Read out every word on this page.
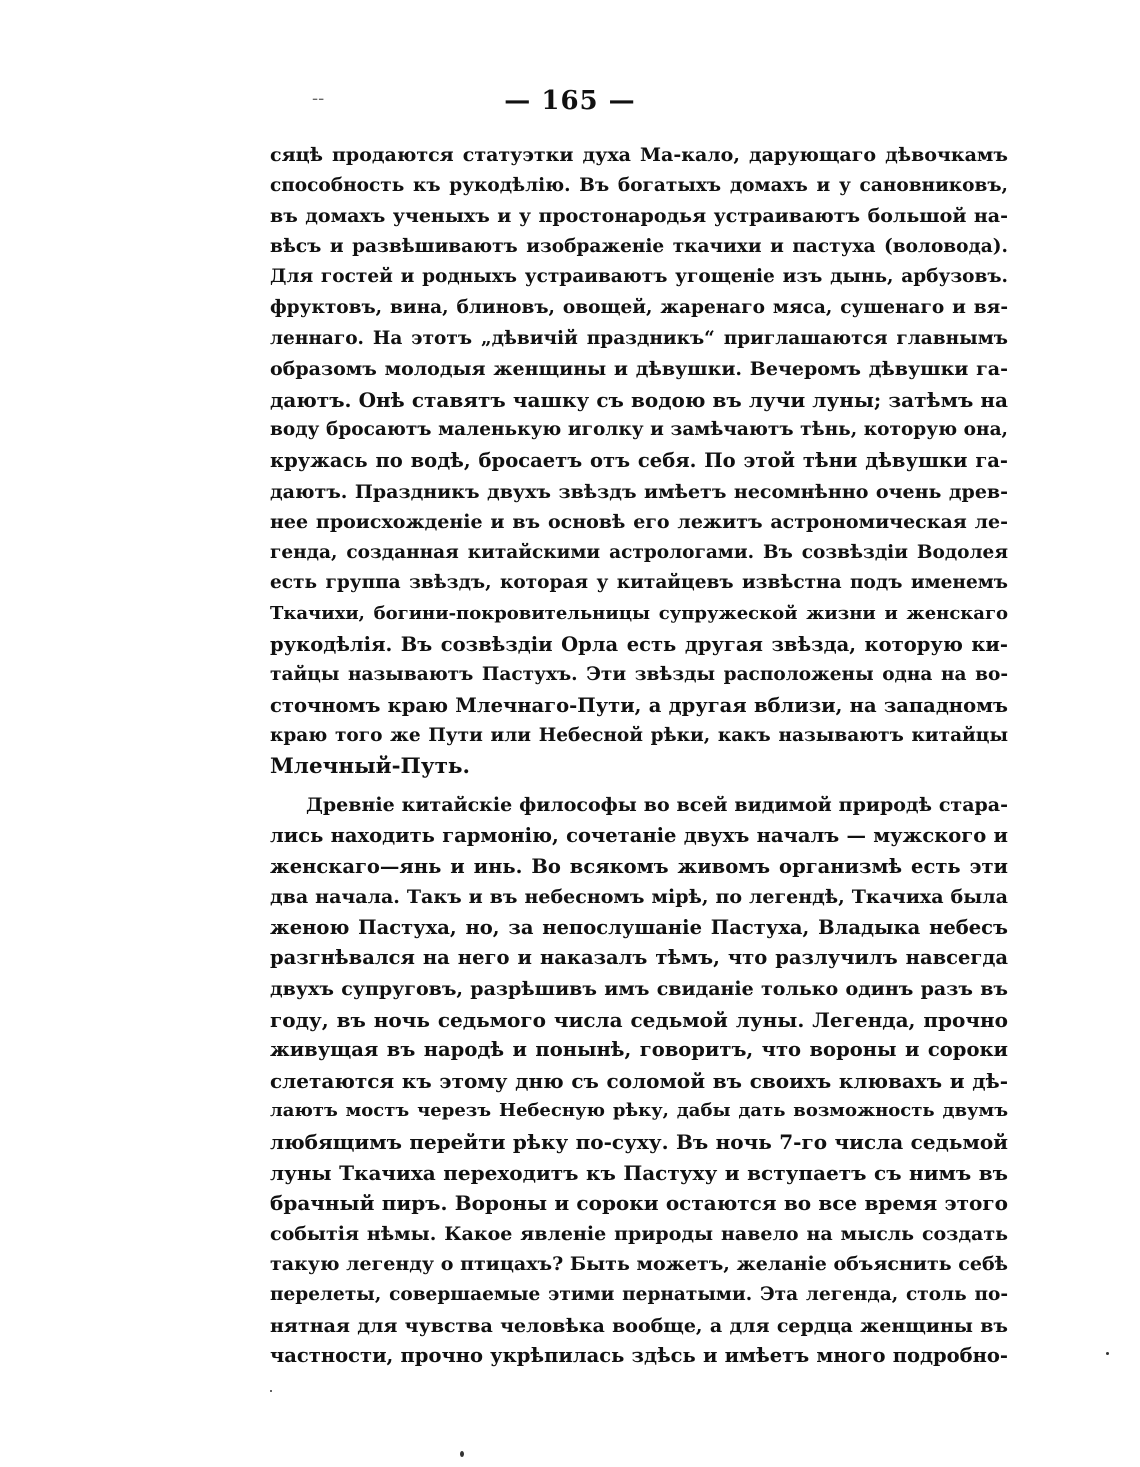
--	— 165 —
сяцѣ продаются статуэтки духа Ма-кало, дарующаго дѣвочкамъ
способность къ рукодѣлію. Въ богатыхъ домахъ и у сановниковъ,
въ домахъ ученыхъ и у простонародья устраиваютъ большой на-
вѣсъ и развѣшиваютъ изображеніе ткачихи и пастуха (воловода).
Для гостей и родныхъ устраиваютъ угощеніе изъ дынь, арбузовъ.
фруктовъ, вина, блиновъ, овощей, жаренаго мяса, сушенаго и вя-
леннаго. На этотъ „дѣвичій праздникъ“ приглашаются главнымъ
образомъ молодыя женщины и дѣвушки. Вечеромъ дѣвушки га-
даютъ. Онѣ ставятъ чашку съ водою въ лучи луны; затѣмъ на
воду бросаютъ маленькую иголку и замѣчаютъ тѣнь, которую она,
кружась по водѣ, бросаетъ отъ себя. По этой тѣни дѣвушки га-
даютъ. Праздникъ двухъ звѣздъ имѣетъ несомнѣнно очень древ-
нее происхожденіе и въ основѣ его лежитъ астрономическая ле-
генда, созданная китайскими астрологами. Въ созвѣздіи Водолея
есть группа звѣздъ, которая у китайцевъ извѣстна подъ именемъ
Ткачихи, богини-покровительницы супружеской жизни и женскаго
рукодѣлія. Въ созвѣздіи Орла есть другая звѣзда, которую ки-
тайцы называютъ Пастухъ. Эти звѣзды расположены одна на во-
сточномъ краю Млечнаго-Пути, а другая вблизи, на западномъ
краю того же Пути или Небесной рѣки, какъ называютъ китайцы
Млечный-Путь.
Древніе китайскіе философы во всей видимой природѣ стара-
лись находить гармонію, сочетаніе двухъ началъ — мужского и
женскаго—янь и инь. Во всякомъ живомъ организмѣ есть эти
два начала. Такъ и въ небесномъ мірѣ, по легендѣ, Ткачиха была
женою Пастуха, но, за непослушаніе Пастуха, Владыка небесъ
разгнѣвался на него и наказалъ тѣмъ, что разлучилъ навсегда
двухъ супруговъ, разрѣшивъ имъ свиданіе только одинъ разъ въ
году, въ ночь седьмого числа седьмой луны. Легенда, прочно
живущая въ народѣ и понынѣ, говоритъ, что вороны и сороки
слетаются къ этому дню съ соломой въ своихъ клювахъ и дѣ-
лаютъ мостъ черезъ Небесную рѣку, дабы дать возможность двумъ
любящимъ перейти рѣку по-суху. Въ ночь 7-го числа седьмой
луны Ткачиха переходитъ къ Пастуху и вступаетъ съ нимъ въ
брачный пиръ. Вороны и сороки остаются во все время этого
событія нѣмы. Какое явленіе природы навело на мысль создать
такую легенду о птицахъ? Быть можетъ, желаніе объяснить себѣ
перелеты, совершаемые этими пернатыми. Эта легенда, столь по-
нятная для чувства человѣка вообще, а для сердца женщины въ
частности, прочно укрѣпилась здѣсь и имѣетъ много подробно-
